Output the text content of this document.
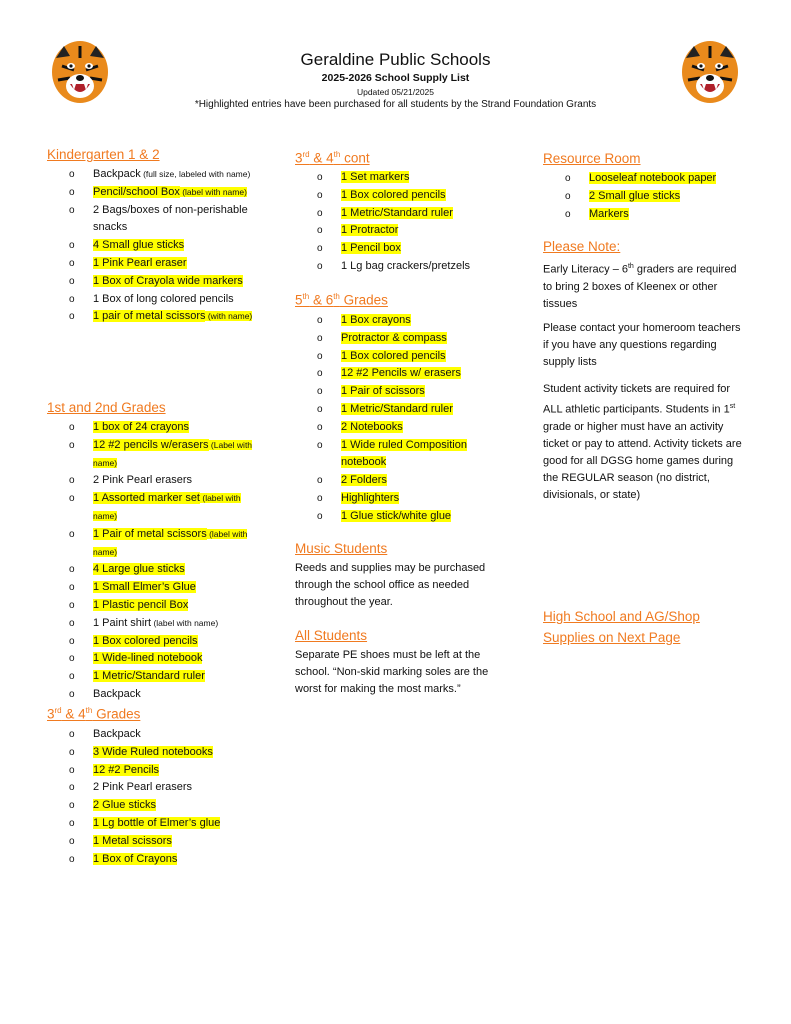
Geraldine Public Schools
2025-2026 School Supply List
Updated 05/21/2025
*Highlighted entries have been purchased for all students by the Strand Foundation Grants
Kindergarten 1 & 2
o Backpack (full size, labeled with name)
o Pencil/school Box (label with name)
o 2 Bags/boxes of non-perishable snacks
o 4 Small glue sticks
o 1 Pink Pearl eraser
o 1 Box of Crayola wide markers
o 1 Box of long colored pencils
o 1 pair of metal scissors (with name)
1st and 2nd Grades
o 1 box of 24 crayons
o 12 #2 pencils w/erasers (Label with name)
o 2 Pink Pearl erasers
o 1 Assorted marker set (label with name)
o 1 Pair of metal scissors (label with name)
o 4 Large glue sticks
o 1 Small Elmer’s Glue
o 1 Plastic pencil Box
o 1 Paint shirt (label with name)
o 1 Box colored pencils
o 1 Wide-lined notebook
o 1 Metric/Standard ruler
o Backpack
3rd & 4th Grades
o Backpack
o 3 Wide Ruled notebooks
o 12 #2 Pencils
o 2 Pink Pearl erasers
o 2 Glue sticks
o 1 Lg bottle of Elmer’s glue
o 1 Metal scissors
o 1 Box of Crayons
3rd & 4th cont
o 1 Set markers
o 1 Box colored pencils
o 1 Metric/Standard ruler
o 1 Protractor
o 1 Pencil box
o 1 Lg bag crackers/pretzels
5th & 6th Grades
o 1 Box crayons
o Protractor & compass
o 1 Box colored pencils
o 12 #2 Pencils w/ erasers
o 1 Pair of scissors
o 1 Metric/Standard ruler
o 2 Notebooks
o 1 Wide ruled Composition notebook
o 2 Folders
o Highlighters
o 1 Glue stick/white glue
Music Students
Reeds and supplies may be purchased through the school office as needed throughout the year.
All Students
Separate PE shoes must be left at the school. “Non-skid marking soles are the worst for making the most marks.”
Resource Room
o Looseleaf notebook paper
o 2 Small glue sticks
o Markers
Please Note:
Early Literacy – 6th graders are required to bring 2 boxes of Kleenex or other tissues
Please contact your homeroom teachers if you have any questions regarding supply lists
Student activity tickets are required for ALL athletic participants. Students in 1st grade or higher must have an activity ticket or pay to attend. Activity tickets are good for all DGSG home games during the REGULAR season (no district, divisionals, or state)
High School and AG/Shop Supplies on Next Page
